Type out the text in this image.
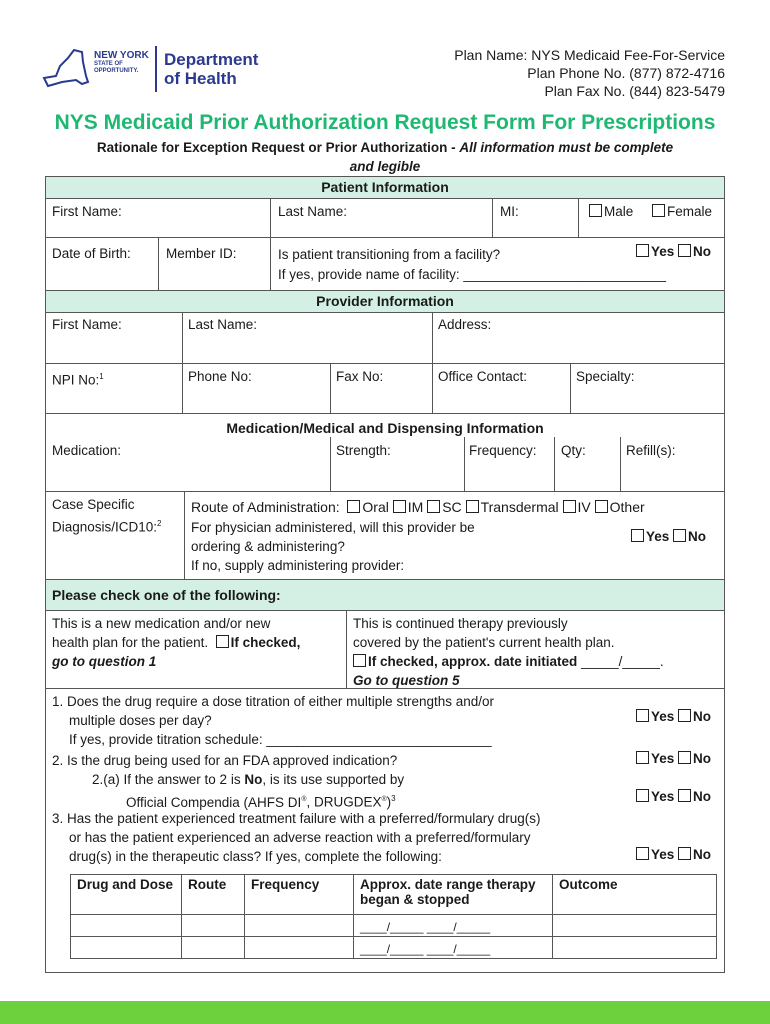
NEW YORK
STATE OF
OPPORTUNITY.
Department
of Health
Plan Name: NYS Medicaid Fee-For-Service
Plan Phone No. (877) 872-4716
Plan Fax No. (844) 823-5479
NYS Medicaid Prior Authorization Request Form For Prescriptions
Rationale for Exception Request or Prior Authorization - All information must be complete
and legible
Patient Information
First Name:	Last Name:	MI:	Male	Female
Date of Birth:	Member ID:	Is patient transitioning from a facility?
If yes, provide name of facility: ___________________________
Yes No
Provider Information
First Name:	Last Name:	Address:
NPI No:$^1$	Phone No:	Fax No:	Office Contact:	Specialty:
Medication/Medical and Dispensing Information
Medication:	Strength:	Frequency: Qty:	Refill(s):
Case Specific
Diagnosis/ICD10:$^2$
Route of Administration: Oral IM SC Transdermal IV Other
For physician administered, will this provider be
ordering & administering?
If no, supply administering provider:
Yes No
Please check one of the following:
This is a new medication and/or new
health plan for the patient. If checked,
go to question 1
This is continued therapy previously
covered by the patient's current health plan.
If checked, approx. date initiated _____/_____.
Go to question 5
1. Does the drug require a dose titration of either multiple strengths and/or
multiple doses per day?
If yes, provide titration schedule: ______________________________
Yes No
2. Is the drug being used for an FDA approved indication?	Yes No
2.(a) If the answer to 2 is No, is its use supported by
Official Compendia (AHFS DI®, DRUGDEX®)$^3$	Yes No
3. Has the patient experienced treatment failure with a preferred/formulary drug(s)
or has the patient experienced an adverse reaction with a preferred/formulary
drug(s) in the therapeutic class? If yes, complete the following:	Yes No
Drug and Dose	Route	Frequency	Approx. date range therapy began & stopped	Outcome
			____/_____ ____/_____	
			____/_____ ____/_____	
